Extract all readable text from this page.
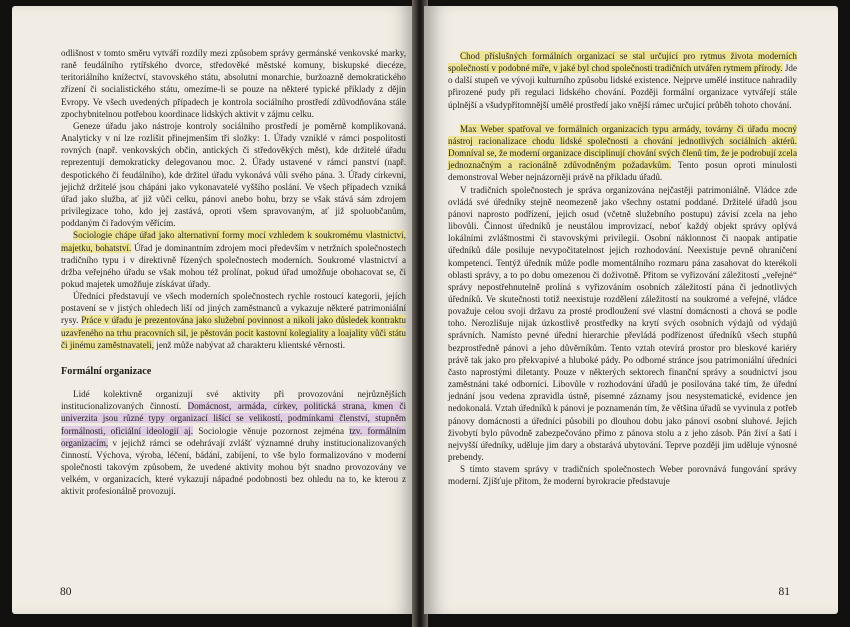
odlišnost v tomto směru vytváří rozdíly mezi způsobem správy germánské venkovské marky, raně feudálního rytířského dvorce, středověké městské komuny, biskupské diecéze, teritoriálního knížectví, stavovského státu, absolutní monarchie, buržoazně demokratického zřízení či socialistického státu, omezíme-li se pouze na některé typické příklady z dějin Evropy. Ve všech uvedených případech je kontrola sociálního prostředí zdůvodňována stále zpochybnitelnou potřebou koordinace lidských aktivit v zájmu celku.

Geneze úřadu jako nástroje kontroly sociálního prostředí je poměrně komplikovaná. Analyticky v ní lze rozlišit přinejmenším tři složky: 1. Úřady vzniklé v rámci pospolitosti rovných (např. venkovských občin, antických či středověkých měst), kde držitelé úřadu reprezentují demokraticky delegovanou moc. 2. Úřady ustavené v rámci panství (např. despotického či feudálního), kde držitel úřadu vykonává vůli svého pána. 3. Úřady církevní, jejichž držitelé jsou chápáni jako vykonavatelé vyššího poslání. Ve všech případech vzniká úřad jako služba, ať již vůči celku, pánovi anebo bohu, brzy se však stává sám zdrojem privilegizace toho, kdo jej zastává, oproti všem spravovaným, ať již spoluobčanům, poddaným či řadovým věřícím.

Sociologie chápe úřad jako alternativní formy mocí vzhledem k soukromému vlastnictví, majetku, bohatství. Úřad je dominantním zdrojem moci především v netržních společnostech tradičního typu i v direktivně řízených společnostech moderních. Soukromé vlastnictví a držba veřejného úřadu se však mohou též prolínat, pokud úřad umožňuje obohacovat se, či pokud majetek umožňuje získávat úřady.

Úředníci představují ve všech moderních společnostech rychle rostoucí kategorii, jejích postavení se v jistých ohledech liší od jiných zaměstnanců a vykazuje některé patrimoniální rysy. Práce v úřadu je prezentována jako služební povinnost a nikoli jako důsledek kontraktu uzavřeného na trhu pracovních sil, je pěstován pocit kastovní kolegiality a loajality vůči státu či jinému zaměstnavateli, jenž může nabývat až charakteru klientské věrnosti.

Formální organizace

Lidé kolektivně organizují své aktivity při provozování nejrůznějších institucionalizovaných činností. Domácnost, armáda, církev, politická strana, kmen či univerzita jsou různé typy organizací lišící se velikostí, podmínkami členství, stupněm formálnosti, oficiální ideologií aj. Sociologie věnuje pozornost zejména tzv. formálním organizacím, v jejichž rámci se odehrávají zvlášť významné druhy institucionalizovaných činností. Výchova, výroba, léčení, bádání, zabíjení, to vše bylo formalizováno v moderní společnosti takovým způsobem, že uvedené aktivity mohou být snadno provozovány ve velkém, v organizacích, které vykazují nápadné podobnosti bez ohledu na to, ke kterou z aktivit profesionálně provozují.

80

Chod příslušných formálních organizací se stal určující pro rytmus života moderních společností v podobné míře, v jaké byl chod společnosti tradičních utvářen rytmem přírody. Jde o další stupeň ve vývoji kulturního způsobu lidské existence. Nejprve umělé instituce nahradily přirozené pudy při regulaci lidského chování. Později formální organizace vytvářejí stále úplnější a všudypřítomnější umělé prostředí jako vnější rámec určující průběh tohoto chování.

Max Weber spatřoval ve formálních organizacích typu armády, továrny či úřadu mocný nástroj racionalizace chodu lidské společnosti a chování jednotlivých sociálních aktérů. Domníval se, že moderní organizace disciplinují chování svých členů tím, že je podrobují zcela jednoznačným a racionálně zdůvodněným požadavkům. Tento posun oproti minulosti demonstroval Weber nejnázorněji právě na příkladu úřadů.

V tradičních společnostech je správa organizována nejčastěji patrimoniálně. Vládce zde ovládá své úředníky stejně neomezeně jako všechny ostatní poddané. Držitelé úřadů jsou pánovi naprosto podřízení, jejich osud (včetně služebního postupu) závisí zcela na jeho libovůli. Činnost úředníků je neustálou improvizací, neboť každý objekt správy oplývá lokálními zvláštnostmi či stavovskými privilegii. Osobní náklonnost či naopak antipatie úředníků dále posiluje nevypočitatelnost jejich rozhodování. Neexistuje pevně ohraničení kompetencí. Tentýž úředník může podle momentálního rozmaru pána zasahovat do kterékoli oblasti správy, a to po dobu omezenou či doživotně. Přitom se vyřizování záležitostí „veřejné“ správy nepostřehnutelně prolíná s vyřizováním osobních záležitostí pána či jednotlivých úředníků. Ve skutečnosti totiž neexistuje rozdělení záležitostí na soukromé a veřejné, vládce považuje celou svoji državu za prosté prodloužení své vlastní domácnosti a chová se podle toho. Nerozlišuje nijak úzkostlivě prostředky na krytí svých osobních výdajů od výdajů správních. Namísto pevné úřední hierarchie převládá podřízenost úředníků všech stupňů bezprostředně pánovi a jeho důvěrníkům. Tento vztah otevírá prostor pro bleskové kariéry právě tak jako pro překvapivé a hluboké pády. Po odborné stránce jsou patrimoniální úředníci často naprostými diletanty. Pouze v některých sektorech finanční správy a soudnictví jsou zaměstnáni také odborníci. Libovůle v rozhodování úřadů je posilována také tím, že úřední jednání jsou vedena zpravidla ústně, písemné záznamy jsou nesystematické, evidence jen nedokonalá. Vztah úředníků k pánovi je poznamenán tím, že většina úřadů se vyvinula z potřeb pánovy domácnosti a úředníci působili po dlouhou dobu jako pánovi osobní sluhové. Jejich živobytí bylo původně zabezpečováno přímo z pánova stolu a z jeho zásob. Pán živí a šatí i nejvyšší úředníky, uděluje jim dary a obstarává ubytování. Teprve později jim uděluje výnosné prebendy.

S tímto stavem správy v tradičních společnostech Weber porovnává fungování správy moderní. Zjišťuje přitom, že moderní byrokracie představuje

81
